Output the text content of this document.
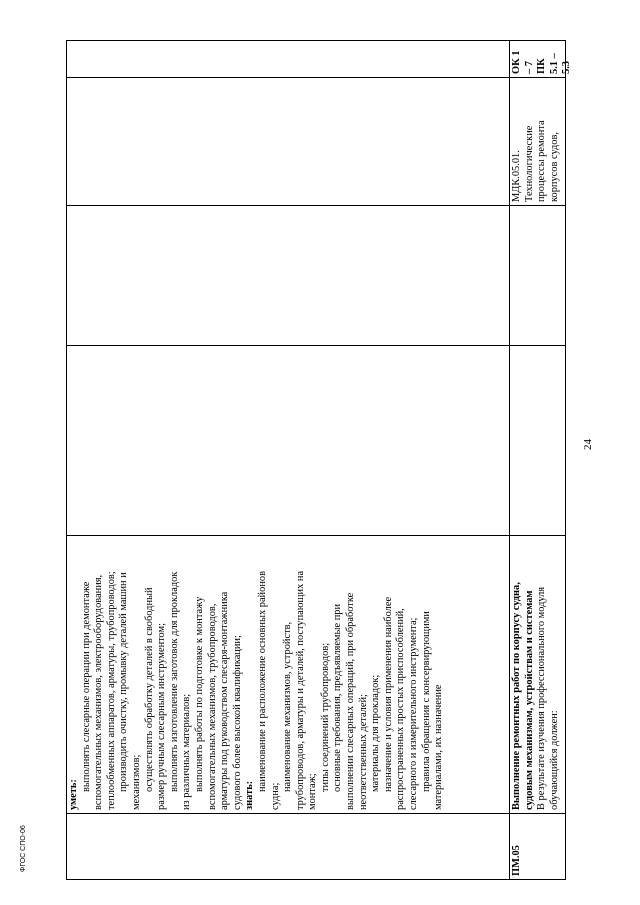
24
ФГОС СПО-06
уметь:
выполнять слесарные операции при демонтаже вспомогательных механизмов, электрооборудования, теплообменных аппаратов, арматуры, трубопроводов; производить очистку, промывку деталей машин и механизмов; осуществлять обработку деталей в свободный размер ручным слесарным инструментом; выполнять изготовление заготовок для прокладок из различных материалов; выполнять работы по подготовке к монтажу вспомогательных механизмов, трубопроводов, арматуры под руководством слесаря-монтажника судового более высокой квалификации; знать:
наименование и расположение основных районов
судна;
наименование механизмов, устройств, трубопроводов, арматуры и деталей, поступающих на монтаж; типы соединений трубопроводов; основные требования, предъявляемые при выполнении слесарных операций, при обработке неответственных деталей; материалы для прокладок; назначение и условия применения наиболее распространенных простых приспособлений, слесарного и измерительного инструмента; правила обращения с консервирующими материалами, их назначение
ПМ.05
Выполнение ремонтных работ по корпусу судна, судовым механизмам, устройствам и системам В результате изучения профессионального модуля обучающийся должен:
МДК.05.01. Технологические процессы ремонта корпусов судов,
ОК 1 – 7 ПК 5.1 – 5.3
